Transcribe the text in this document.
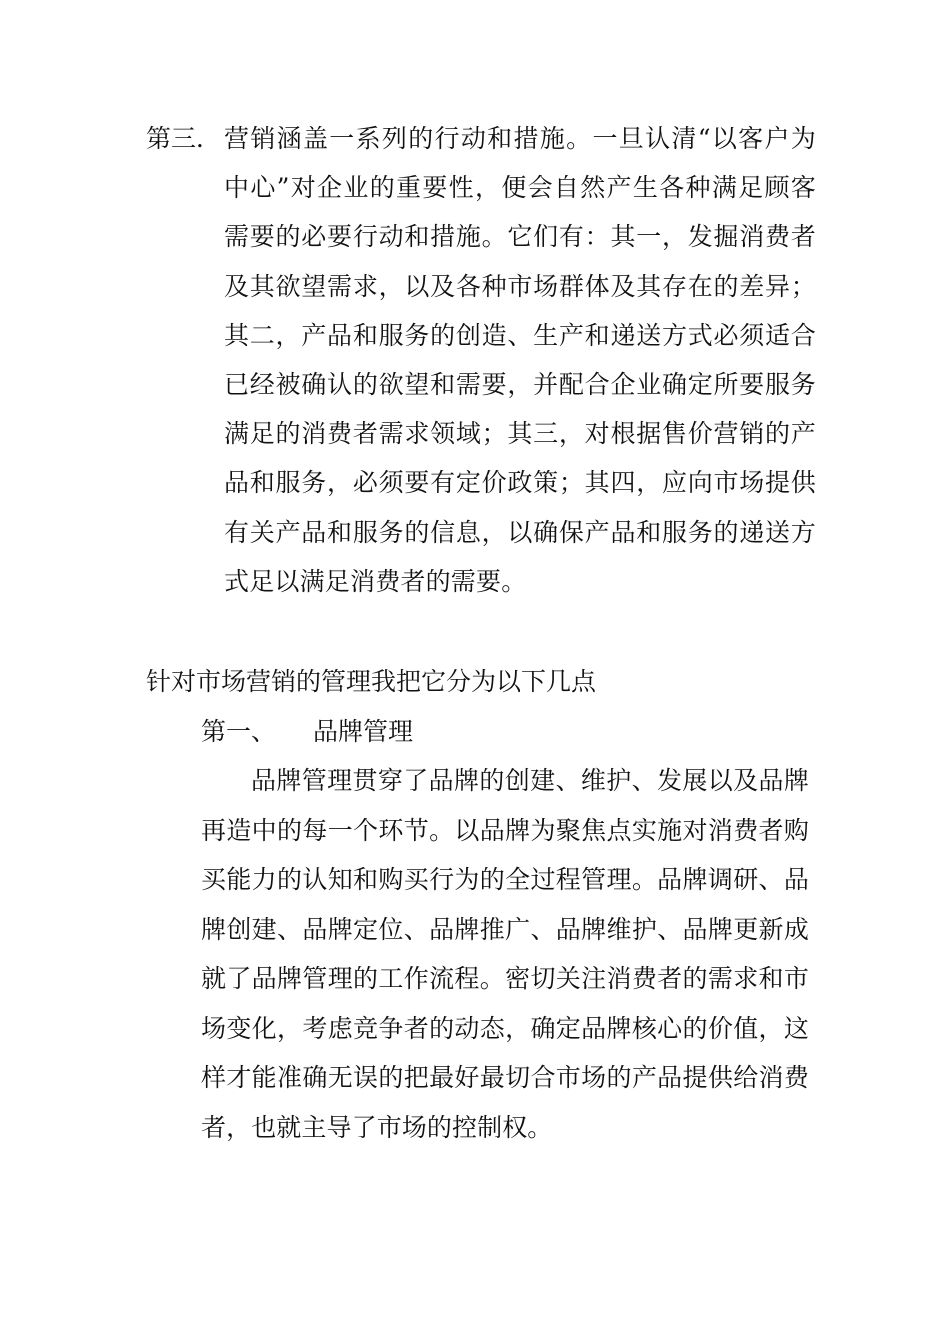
第三． 营销涵盖一系列的行动和措施。一旦认清“以客户为中心”对企业的重要性，便会自然产生各种满足顾客需要的必要行动和措施。它们有：其一，发掘消费者及其欲望需求，以及各种市场群体及其存在的差异；其二，产品和服务的创造、生产和递送方式必须适合已经被确认的欲望和需要，并配合企业确定所要服务满足的消费者需求领域；其三，对根据售价营销的产品和服务，必须要有定价政策；其四，应向市场提供有关产品和服务的信息，以确保产品和服务的递送方式足以满足消费者的需要。
针对市场营销的管理我把它分为以下几点
第一、 品牌管理
品牌管理贯穿了品牌的创建、维护、发展以及品牌再造中的每一个环节。以品牌为聚焦点实施对消费者购买能力的认知和购买行为的全过程管理。品牌调研、品牌创建、品牌定位、品牌推广、品牌维护、品牌更新成就了品牌管理的工作流程。密切关注消费者的需求和市场变化，考虑竞争者的动态，确定品牌核心的价值，这样才能准确无误的把最好最切合市场的产品提供给消费者，也就主导了市场的控制权。
